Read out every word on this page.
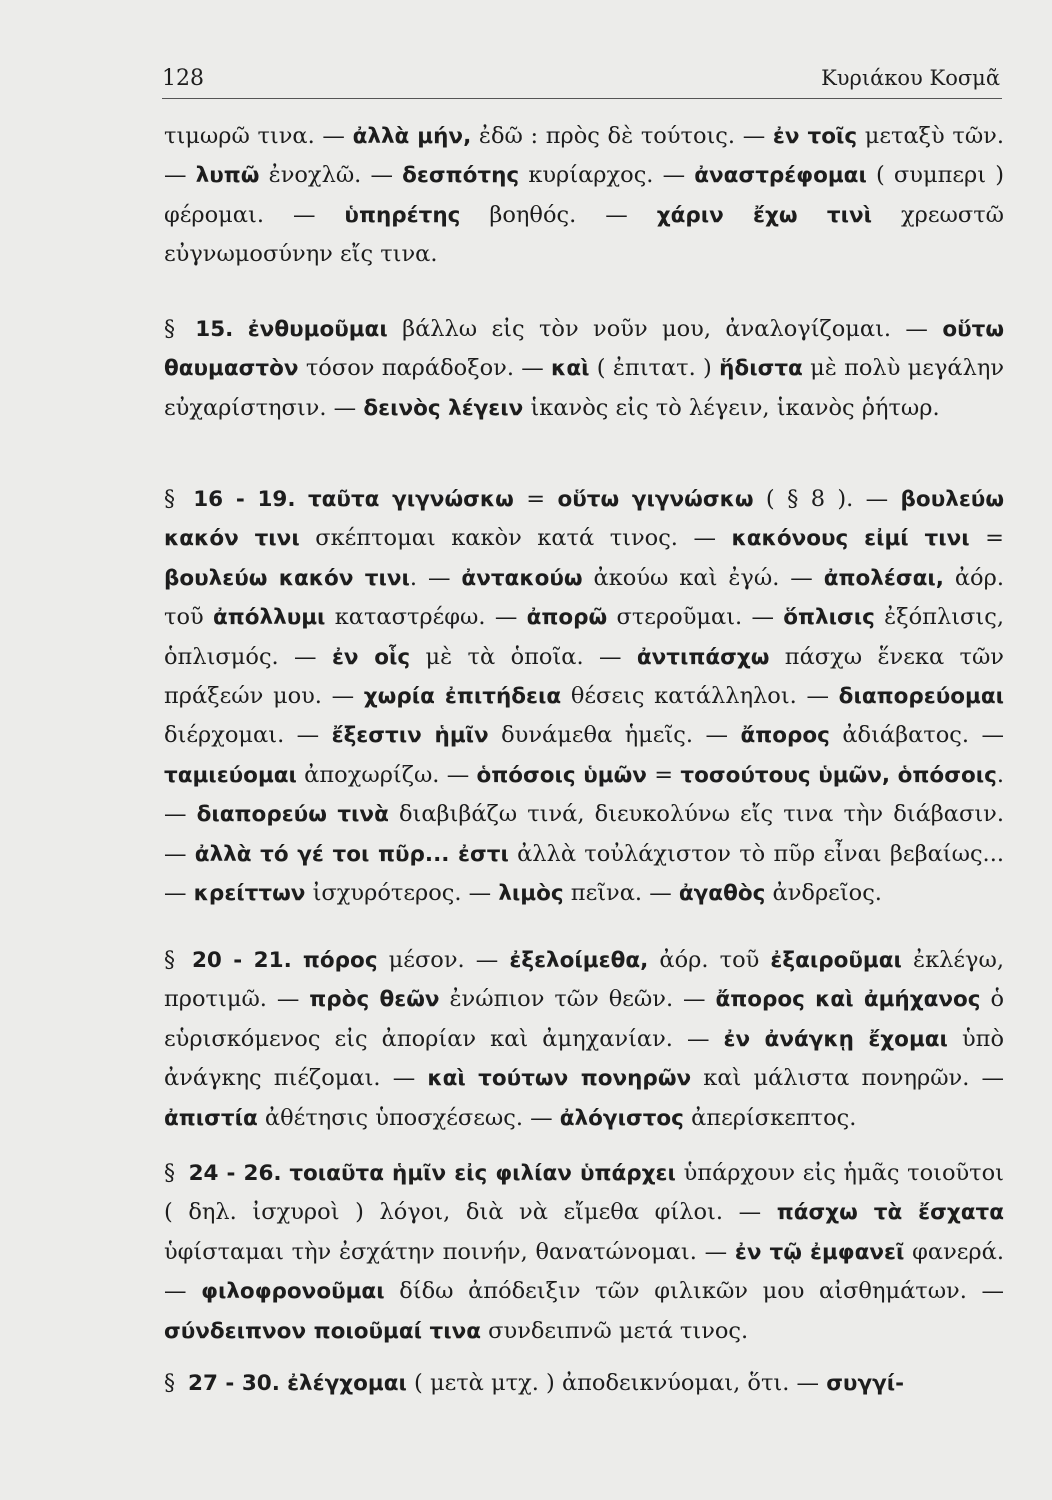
128	Κυριάκου Κοσμᾶ
τιμωρῶ τινα. — ἀλλὰ μήν, ἐδῶ : πρὸς δὲ τούτοις. — ἐν τοῖς μεταξὺ τῶν. — λυπῶ ἐνοχλῶ. — δεσπότης κυρίαρχος. — ἀναστρέφομαι ( συμπερι ) φέρομαι. — ὑπηρέτης βοηθός. — χάριν ἔχω τινὶ χρεωστῶ εὐγνωμοσύνην εἴς τινα.
§ 15. ἐνθυμοῦμαι βάλλω εἰς τὸν νοῦν μου, ἀναλογίζομαι. — οὕτω θαυμαστὸν τόσον παράδοξον. — καὶ ( ἐπιτατ. ) ἥδιστα μὲ πολὺ μεγάλην εὐχαρίστησιν. — δεινὸς λέγειν ἱκανὸς εἰς τὸ λέγειν, ἱκανὸς ῥήτωρ.
§ 16 - 19. ταῦτα γιγνώσκω = οὕτω γιγνώσκω ( § 8 ). — βουλεύω κακόν τινι σκέπτομαι κακὸν κατά τινος. — κακόνους εἰμί τινι = βουλεύω κακόν τινι. — ἀντακούω ἀκούω καὶ ἐγώ. — ἀπολέσαι, ἀόρ. τοῦ ἀπόλλυμι καταστρέφω. — ἀπορῶ στεροῦμαι. — ὅπλισις ἐξόπλισις, ὁπλισμός. — ἐν οἷς μὲ τὰ ὁποῖα. — ἀντιπάσχω πάσχω ἕνεκα τῶν πράξεών μου. — χωρία ἐπιτήδεια θέσεις κατάλληλοι. — διαπορεύομαι διέρχομαι. — ἔξεστιν ἡμῖν δυνάμεθα ἡμεῖς. — ἄπορος ἀδιάβατος. — ταμιεύομαι ἀποχωρίζω. — ὁπόσοις ὑμῶν = τοσούτους ὑμῶν, ὁπόσοις. — διαπορεύω τινὰ διαβιβάζω τινά, διευκολύνω εἴς τινα τὴν διάβασιν. — ἀλλὰ τό γέ τοι πῦρ... ἐστι ἀλλὰ τοὐλάχιστον τὸ πῦρ εἶναι βεβαίως... — κρείττων ἰσχυρότερος. — λιμὸς πεῖνα. — ἀγαθὸς ἀνδρεῖος.
§ 20 - 21. πόρος μέσον. — ἐξελοίμεθα, ἀόρ. τοῦ ἐξαιροῦμαι ἐκλέγω, προτιμῶ. — πρὸς θεῶν ἐνώπιον τῶν θεῶν. — ἄπορος καὶ ἀμήχανος ὁ εὑρισκόμενος εἰς ἀπορίαν καὶ ἀμηχανίαν. — ἐν ἀνάγκῃ ἔχομαι ὑπὸ ἀνάγκης πιέζομαι. — καὶ τούτων πονηρῶν καὶ μάλιστα πονηρῶν. — ἀπιστία ἀθέτησις ὑποσχέσεως. — ἀλόγιστος ἀπερίσκεπτος.
§ 24 - 26. τοιαῦτα ἡμῖν εἰς φιλίαν ὑπάρχει ὑπάρχουν εἰς ἡμᾶς τοιοῦτοι ( δηλ. ἰσχυροὶ ) λόγοι, διὰ νὰ εἴμεθα φίλοι. — πάσχω τὰ ἔσχατα ὑφίσταμαι τὴν ἐσχάτην ποινήν, θανατώνομαι. — ἐν τῷ ἐμφανεῖ φανερά. — φιλοφρονοῦμαι δίδω ἀπόδειξιν τῶν φιλικῶν μου αἰσθημάτων. — σύνδειπνον ποιοῦμαί τινα συνδειπνῶ μετά τινος.
§ 27 - 30. ἐλέγχομαι ( μετὰ μτχ. ) ἀποδεικνύομαι, ὅτι. — συγγί-
